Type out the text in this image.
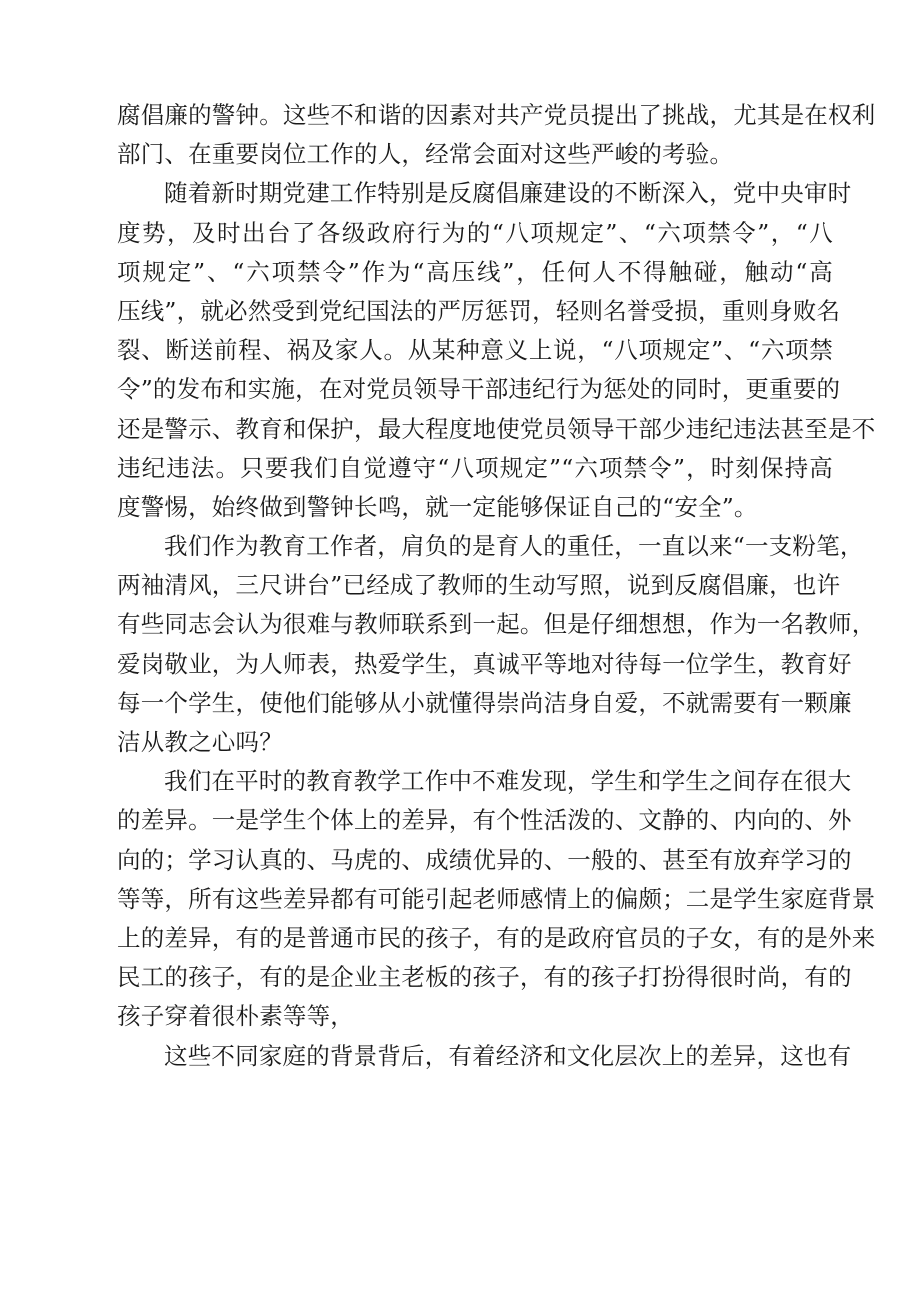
腐倡廉的警钟。这些不和谐的因素对共产党员提出了挑战，尤其是在权利
部门、在重要岗位工作的人，经常会面对这些严峻的考验。
随着新时期党建工作特别是反腐倡廉建设的不断深入，党中央审时
度势，及时出台了各级政府行为的“八项规定”、“六项禁令”，“八
项规定”、“六项禁令”作为“高压线”，任何人不得触碰，触动“高
压线”，就必然受到党纪国法的严厉惩罚，轻则名誉受损，重则身败名
裂、断送前程、祸及家人。从某种意义上说，“八项规定”、“六项禁
令”的发布和实施，在对党员领导干部违纪行为惩处的同时，更重要的
还是警示、教育和保护，最大程度地使党员领导干部少违纪违法甚至是不
违纪违法。只要我们自觉遵守“八项规定”“六项禁令”，时刻保持高
度警惕，始终做到警钟长鸣，就一定能够保证自己的“安全”。
我们作为教育工作者，肩负的是育人的重任，一直以来“一支粉笔，
两袖清风，三尺讲台”已经成了教师的生动写照，说到反腐倡廉，也许
有些同志会认为很难与教师联系到一起。但是仔细想想，作为一名教师，
爱岗敬业，为人师表，热爱学生，真诚平等地对待每一位学生，教育好
每一个学生，使他们能够从小就懂得崇尚洁身自爱，不就需要有一颗廉
洁从教之心吗？
我们在平时的教育教学工作中不难发现，学生和学生之间存在很大
的差异。一是学生个体上的差异，有个性活泼的、文静的、内向的、外
向的；学习认真的、马虎的、成绩优异的、一般的、甚至有放弃学习的
等等，所有这些差异都有可能引起老师感情上的偏颇；二是学生家庭背景
上的差异，有的是普通市民的孩子，有的是政府官员的子女，有的是外来
民工的孩子，有的是企业主老板的孩子，有的孩子打扮得很时尚，有的
孩子穿着很朴素等等，
这些不同家庭的背景背后，有着经济和文化层次上的差异，这也有
